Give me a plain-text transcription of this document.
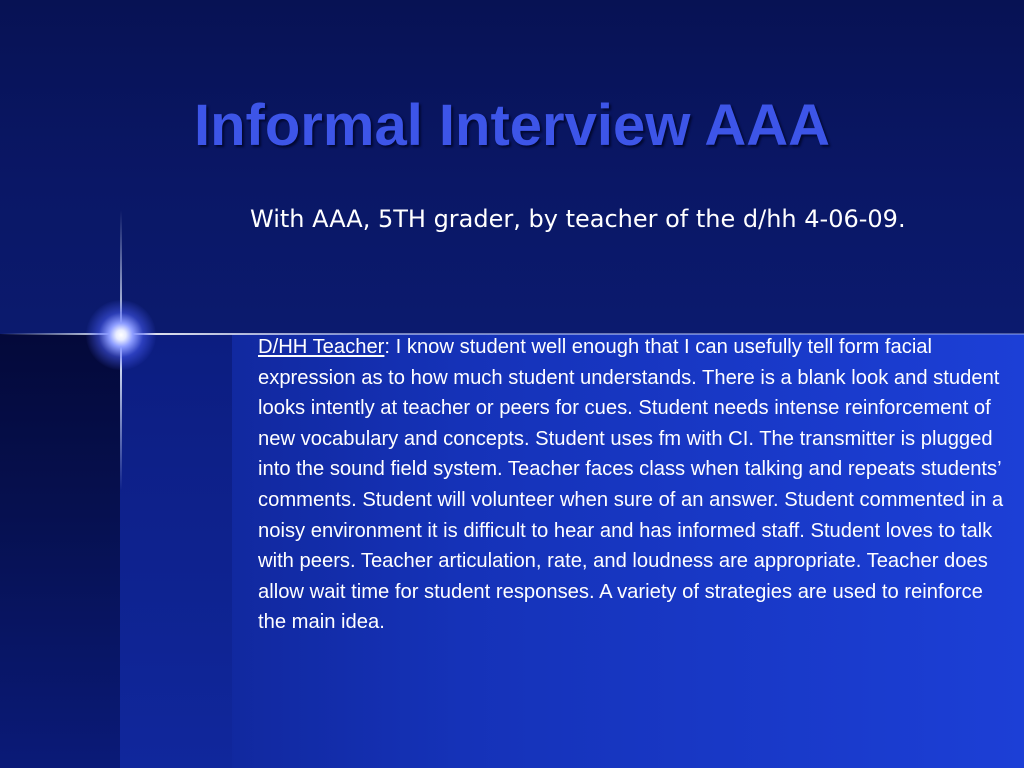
Informal Interview AAA

With AAA, 5TH grader, by teacher of the d/hh 4-06-09.

D/HH Teacher: I know student well enough that I can usefully tell form facial expression as to how much student understands. There is a blank look and student looks intently at teacher or peers for cues. Student needs intense reinforcement of new vocabulary and concepts. Student uses fm with CI. The transmitter is plugged into the sound field system. Teacher faces class when talking and repeats students’ comments. Student will volunteer when sure of an answer. Student commented in a noisy environment it is difficult to hear and has informed staff. Student loves to talk with peers. Teacher articulation, rate, and loudness are appropriate. Teacher does allow wait time for student responses. A variety of strategies are used to reinforce the main idea.
